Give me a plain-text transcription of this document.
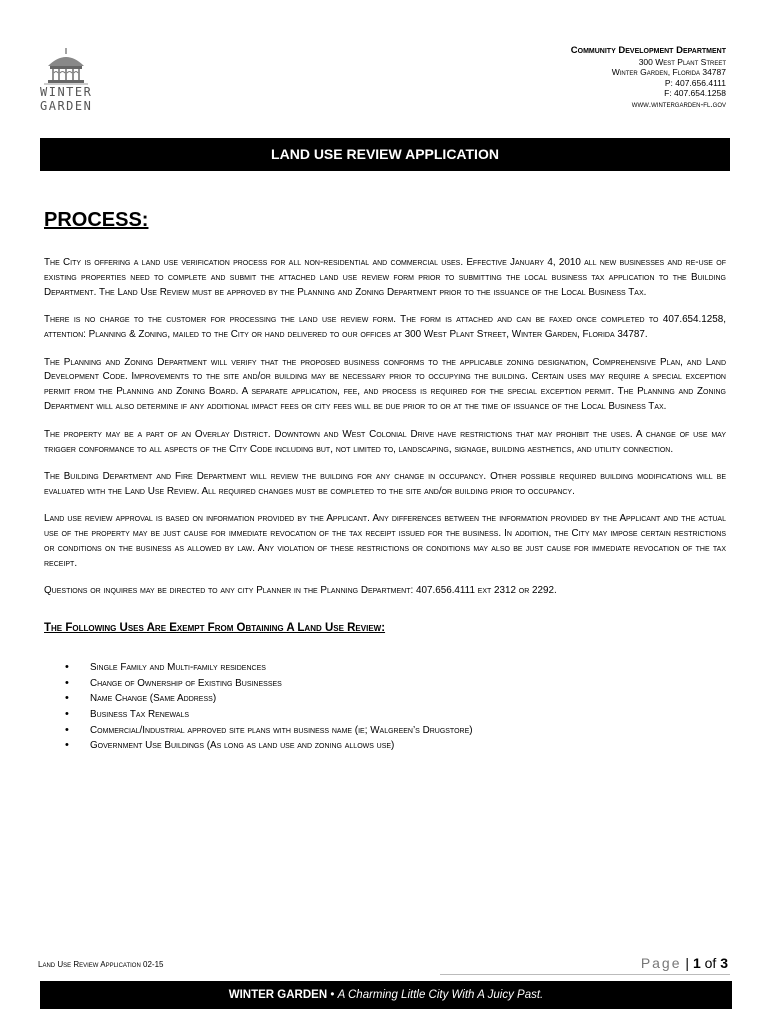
WINTER
GARDEN
Community Development Department
300 West Plant Street
Winter Garden, Florida 34787
P: 407.656.4111
F: 407.654.1258
www.wintergarden-fl.gov
LAND USE REVIEW APPLICATION
PROCESS:

The City is offering a land use verification process for all non-residential and commercial uses. Effective January 4, 2010 all new businesses and re-use of existing properties need to complete and submit the attached land use review form prior to submitting the local business tax application to the Building Department. The Land Use Review must be approved by the Planning and Zoning Department prior to the issuance of the Local Business Tax.

There is no charge to the customer for processing the land use review form. The form is attached and can be faxed once completed to 407.654.1258, attention: Planning & Zoning, mailed to the City or hand delivered to our offices at 300 West Plant Street, Winter Garden, Florida 34787.

The Planning and Zoning Department will verify that the proposed business conforms to the applicable zoning designation, Comprehensive Plan, and Land Development Code. Improvements to the site and/or building may be necessary prior to occupying the building. Certain uses may require a special exception permit from the Planning and Zoning Board. A separate application, fee, and process is required for the special exception permit. The Planning and Zoning Department will also determine if any additional impact fees or city fees will be due prior to or at the time of issuance of the Local Business Tax.

The property may be a part of an Overlay District. Downtown and West Colonial Drive have restrictions that may prohibit the uses. A change of use may trigger conformance to all aspects of the City Code including but, not limited to, landscaping, signage, building aesthetics, and utility connection.

The Building Department and Fire Department will review the building for any change in occupancy. Other possible required building modifications will be evaluated with the Land Use Review. All required changes must be completed to the site and/or building prior to occupancy.

Land use review approval is based on information provided by the Applicant. Any differences between the information provided by the Applicant and the actual use of the property may be just cause for immediate revocation of the tax receipt issued for the business. In addition, the City may impose certain restrictions or conditions on the business as allowed by law. Any violation of these restrictions or conditions may also be just cause for immediate revocation of the tax receipt.

Questions or inquires may be directed to any city Planner in the Planning Department: 407.656.4111 ext 2312 or 2292.

The Following Uses Are Exempt From Obtaining A Land Use Review:

• Single Family and Multi-family residences
• Change of Ownership of Existing Businesses
• Name Change (Same Address)
• Business Tax Renewals
• Commercial/Industrial approved site plans with business name (ie; Walgreen’s Drugstore)
• Government Use Buildings (As long as land use and zoning allows use)
Land Use Review Application 02-15	Page | 1 of 3
WINTER GARDEN • A Charming Little City With A Juicy Past.
